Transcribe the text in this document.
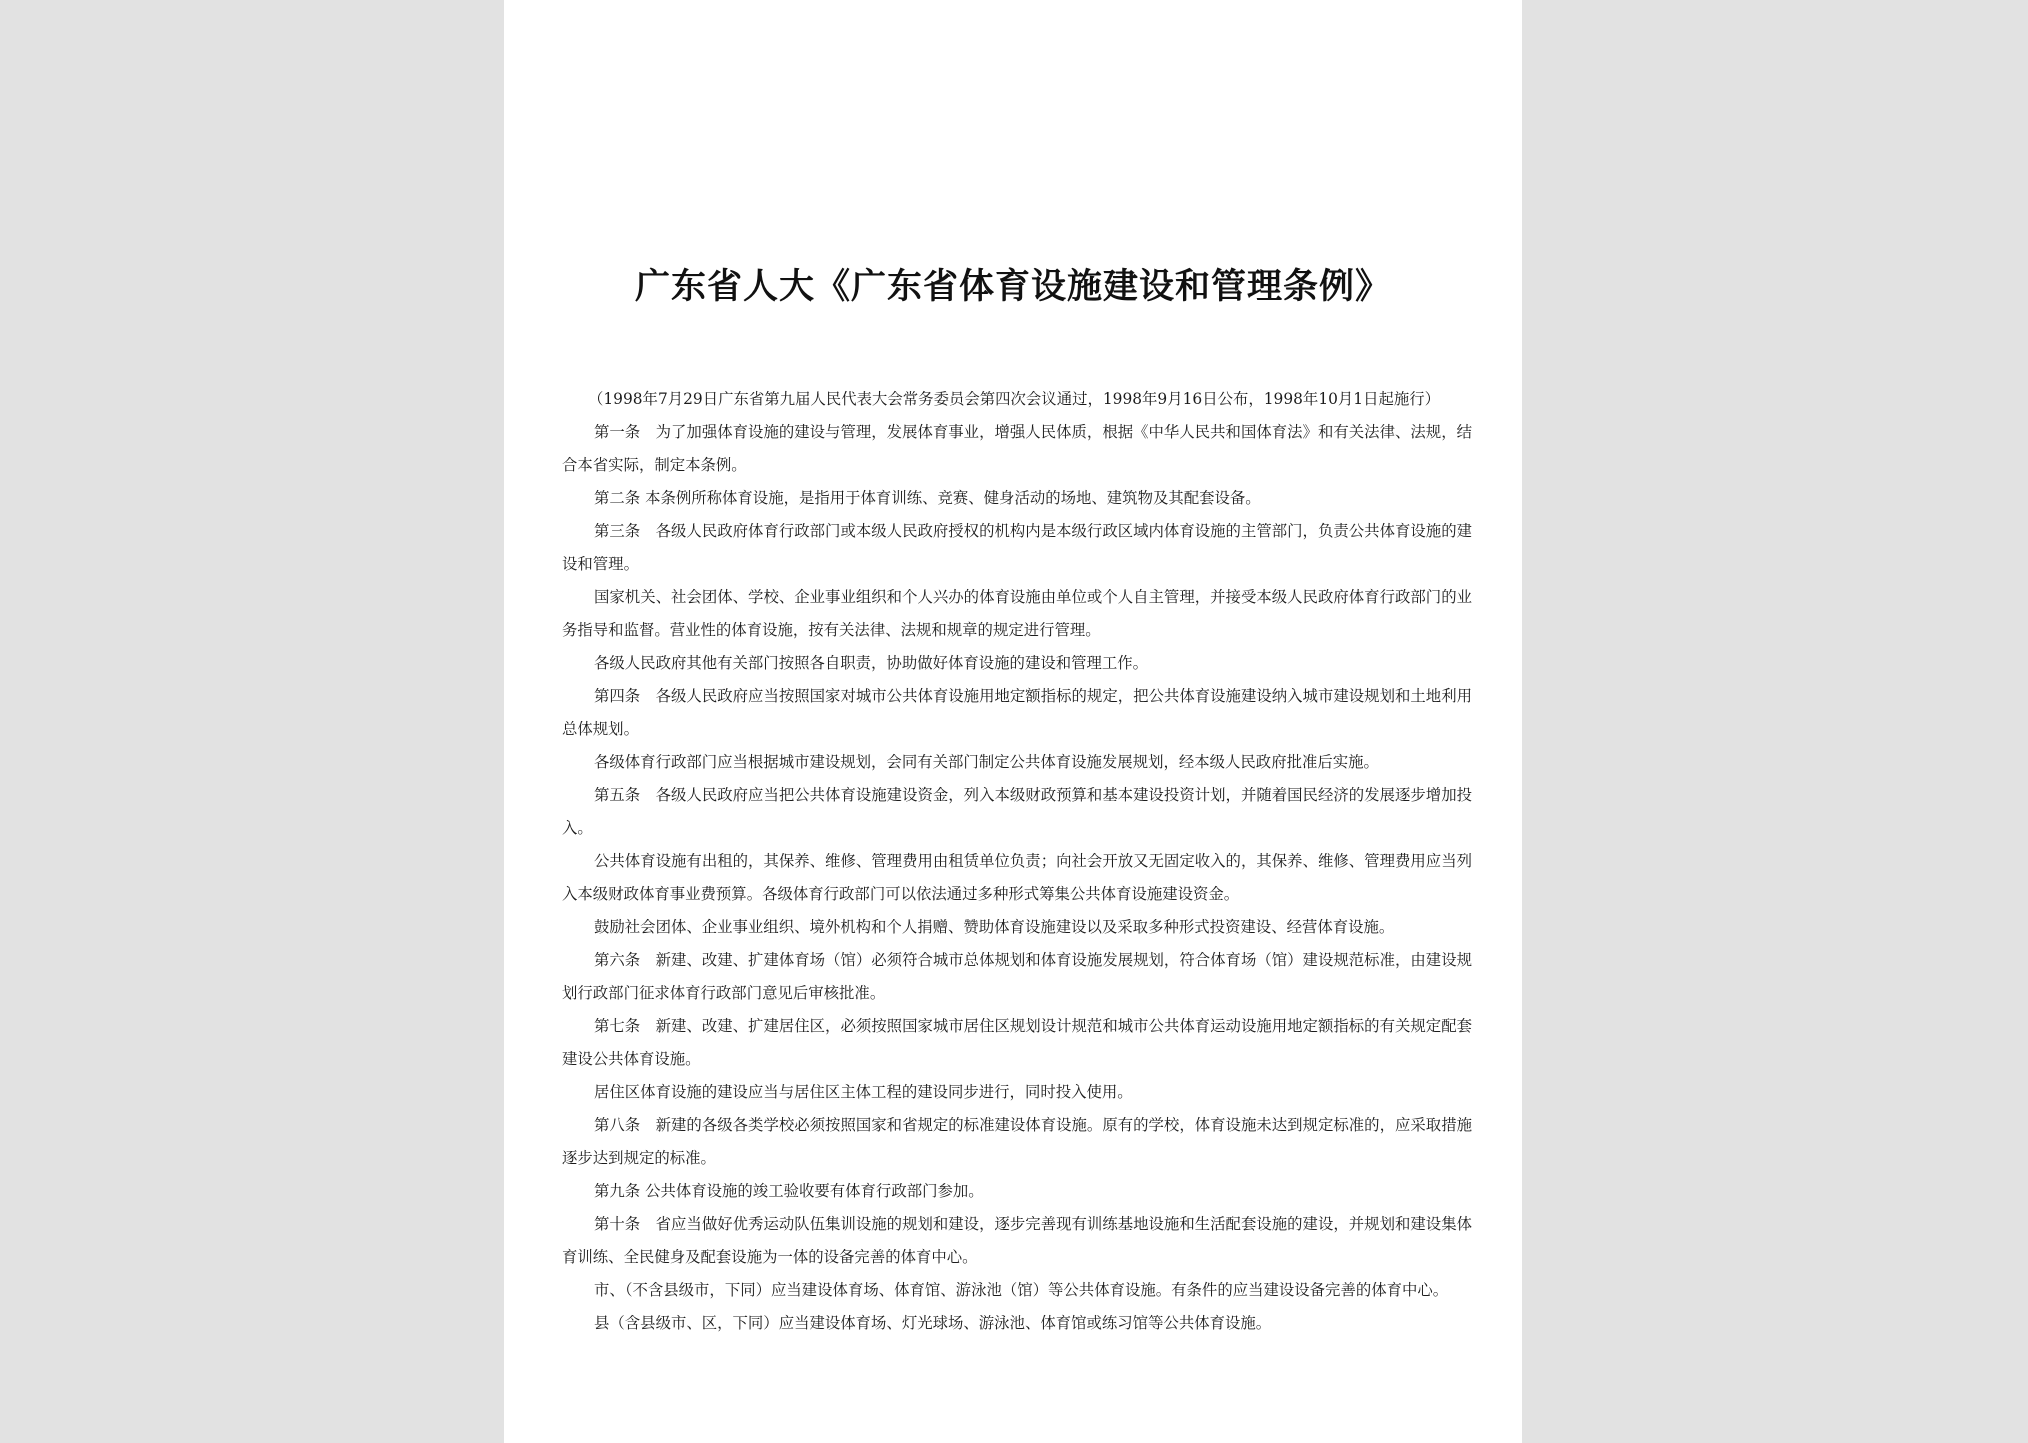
广东省人大《广东省体育设施建设和管理条例》

（1998年7月29日广东省第九届人民代表大会常务委员会第四次会议通过，1998年9月16日公布，1998年10月1日起施行）

第一条　为了加强体育设施的建设与管理，发展体育事业，增强人民体质，根据《中华人民共和国体育法》和有关法律、法规，结合本省实际，制定本条例。

第二条 本条例所称体育设施，是指用于体育训练、竞赛、健身活动的场地、建筑物及其配套设备。

第三条　各级人民政府体育行政部门或本级人民政府授权的机构内是本级行政区域内体育设施的主管部门，负责公共体育设施的建设和管理。

国家机关、社会团体、学校、企业事业组织和个人兴办的体育设施由单位或个人自主管理，并接受本级人民政府体育行政部门的业务指导和监督。营业性的体育设施，按有关法律、法规和规章的规定进行管理。

各级人民政府其他有关部门按照各自职责，协助做好体育设施的建设和管理工作。

第四条　各级人民政府应当按照国家对城市公共体育设施用地定额指标的规定，把公共体育设施建设纳入城市建设规划和土地利用总体规划。

各级体育行政部门应当根据城市建设规划，会同有关部门制定公共体育设施发展规划，经本级人民政府批准后实施。

第五条　各级人民政府应当把公共体育设施建设资金，列入本级财政预算和基本建设投资计划，并随着国民经济的发展逐步增加投入。

公共体育设施有出租的，其保养、维修、管理费用由租赁单位负责；向社会开放又无固定收入的，其保养、维修、管理费用应当列入本级财政体育事业费预算。各级体育行政部门可以依法通过多种形式筹集公共体育设施建设资金。

鼓励社会团体、企业事业组织、境外机构和个人捐赠、赞助体育设施建设以及采取多种形式投资建设、经营体育设施。

第六条　新建、改建、扩建体育场（馆）必须符合城市总体规划和体育设施发展规划，符合体育场（馆）建设规范标准，由建设规划行政部门征求体育行政部门意见后审核批准。

第七条　新建、改建、扩建居住区，必须按照国家城市居住区规划设计规范和城市公共体育运动设施用地定额指标的有关规定配套建设公共体育设施。

居住区体育设施的建设应当与居住区主体工程的建设同步进行，同时投入使用。

第八条　新建的各级各类学校必须按照国家和省规定的标准建设体育设施。原有的学校，体育设施未达到规定标准的，应采取措施逐步达到规定的标准。

第九条 公共体育设施的竣工验收要有体育行政部门参加。

第十条　省应当做好优秀运动队伍集训设施的规划和建设，逐步完善现有训练基地设施和生活配套设施的建设，并规划和建设集体育训练、全民健身及配套设施为一体的设备完善的体育中心。

市、（不含县级市，下同）应当建设体育场、体育馆、游泳池（馆）等公共体育设施。有条件的应当建设设备完善的体育中心。

县（含县级市、区，下同）应当建设体育场、灯光球场、游泳池、体育馆或练习馆等公共体育设施。
